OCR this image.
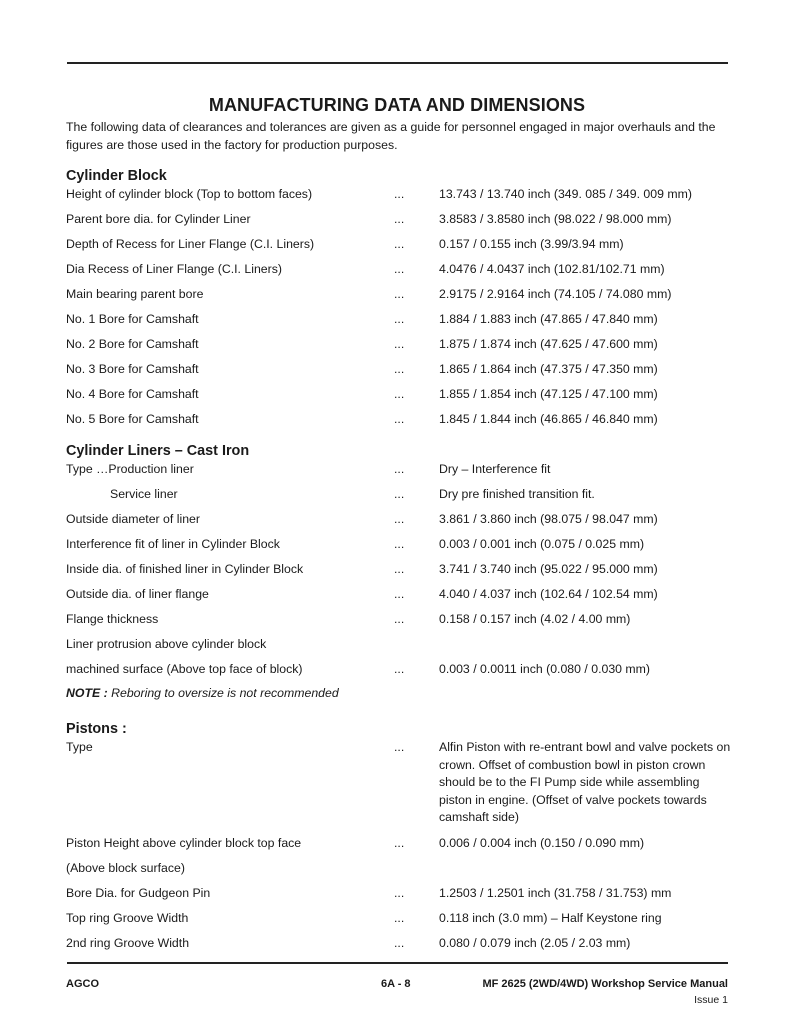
MANUFACTURING DATA AND DIMENSIONS
The following data of clearances and tolerances are given as a guide for personnel engaged in major overhauls and the figures are those used in the factory for production purposes.
Cylinder Block
Height of cylinder block (Top to bottom faces)	...	13.743 / 13.740 inch (349. 085 / 349. 009 mm)
Parent bore dia. for Cylinder Liner	...	3.8583 / 3.8580 inch (98.022 / 98.000 mm)
Depth of Recess for Liner Flange (C.I. Liners)	...	0.157 / 0.155 inch (3.99/3.94 mm)
Dia Recess of Liner Flange (C.I. Liners)	...	4.0476 / 4.0437 inch (102.81/102.71 mm)
Main bearing parent bore	...	2.9175 / 2.9164 inch (74.105 / 74.080 mm)
No. 1 Bore for Camshaft	...	1.884 / 1.883 inch (47.865 / 47.840 mm)
No. 2 Bore for Camshaft	...	1.875 / 1.874 inch (47.625 / 47.600 mm)
No. 3 Bore for Camshaft	...	1.865 / 1.864 inch (47.375 / 47.350 mm)
No. 4 Bore for Camshaft	...	1.855 / 1.854 inch (47.125 / 47.100 mm)
No. 5 Bore for Camshaft	...	1.845 / 1.844 inch (46.865 / 46.840 mm)
Cylinder Liners – Cast Iron
Type …Production liner	...	Dry – Interference fit
Service liner	...	Dry pre finished transition fit.
Outside diameter of liner	...	3.861 / 3.860 inch (98.075 / 98.047 mm)
Interference fit of liner in Cylinder Block	...	0.003 / 0.001 inch (0.075 / 0.025 mm)
Inside dia. of finished liner in Cylinder Block	...	3.741 / 3.740 inch (95.022 / 95.000 mm)
Outside dia. of liner flange	...	4.040 / 4.037 inch (102.64 / 102.54 mm)
Flange thickness	...	0.158 / 0.157 inch (4.02 / 4.00 mm)
Liner protrusion above cylinder block
machined surface (Above top face of block)	...	0.003 / 0.0011 inch (0.080 / 0.030 mm)
NOTE : Reboring to oversize is not recommended
Pistons :
Type	...	Alfin Piston with re-entrant bowl and valve pockets on crown. Offset of combustion bowl in piston crown should be to the FI Pump side while assembling piston in engine. (Offset of valve pockets towards camshaft side)
Piston Height above cylinder block top face	...	0.006 / 0.004 inch (0.150 / 0.090 mm)
(Above block surface)
Bore Dia. for Gudgeon Pin	...	1.2503 / 1.2501 inch (31.758 / 31.753) mm
Top ring Groove Width	...	0.118 inch (3.0 mm) – Half Keystone ring
2nd ring Groove Width	...	0.080 / 0.079 inch (2.05 / 2.03 mm)
AGCO	6A - 8	MF 2625 (2WD/4WD) Workshop Service Manual
Issue 1
